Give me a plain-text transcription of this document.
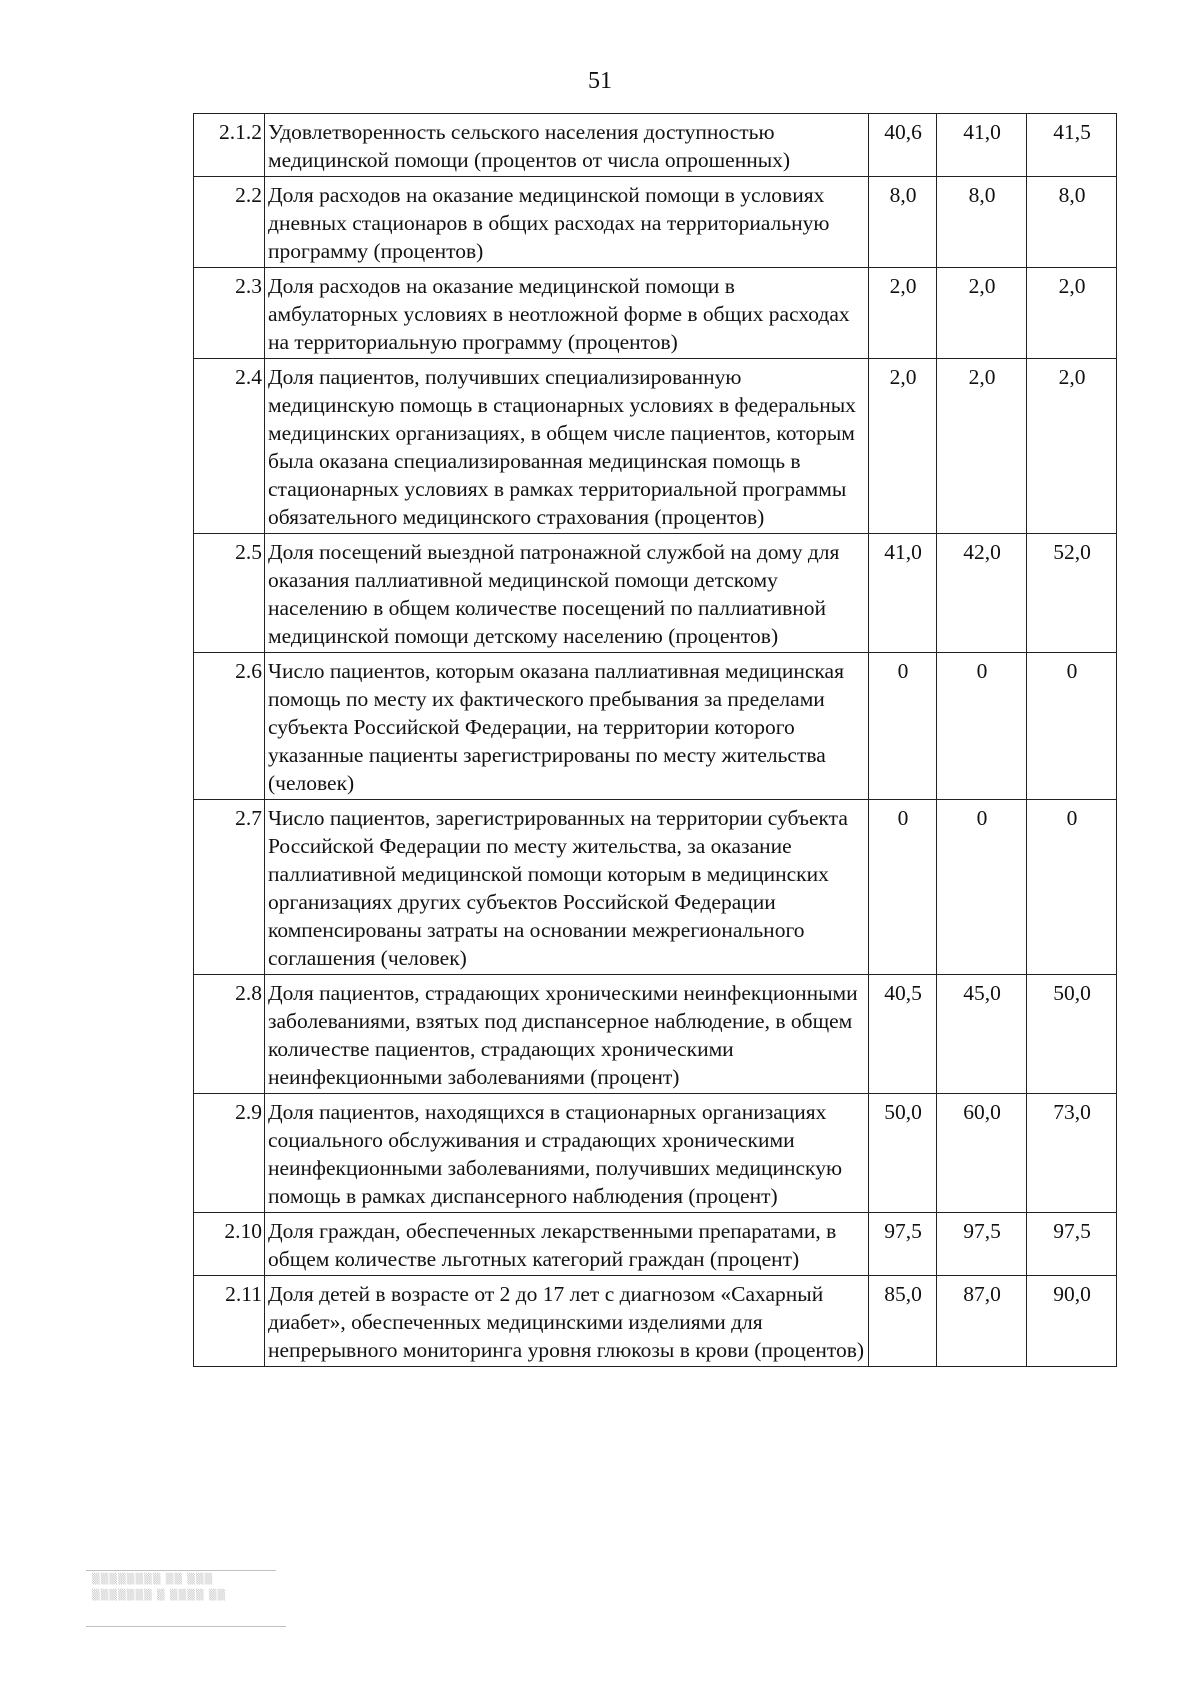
51
2.1.2	Удовлетворенность сельского населения доступностью медицинской помощи (процентов от числа опрошенных)	40,6	41,0	41,5
2.2	Доля расходов на оказание медицинской помощи в условиях дневных стационаров в общих расходах на территориальную программу (процентов)	8,0	8,0	8,0
2.3	Доля расходов на оказание медицинской помощи в амбулаторных условиях в неотложной форме в общих расходах на территориальную программу (процентов)	2,0	2,0	2,0
2.4	Доля пациентов, получивших специализированную медицинскую помощь в стационарных условиях в федеральных медицинских организациях, в общем числе пациентов, которым была оказана специализированная медицинская помощь в стационарных условиях в рамках территориальной программы обязательного медицинского страхования (процентов)	2,0	2,0	2,0
2.5	Доля посещений выездной патронажной службой на дому для оказания паллиативной медицинской помощи детскому населению в общем количестве посещений по паллиативной медицинской помощи детскому населению (процентов)	41,0	42,0	52,0
2.6	Число пациентов, которым оказана паллиативная медицинская помощь по месту их фактического пребывания за пределами субъекта Российской Федерации, на территории которого указанные пациенты зарегистрированы по месту жительства (человек)	0	0	0
2.7	Число пациентов, зарегистрированных на территории субъекта Российской Федерации по месту жительства, за оказание паллиативной медицинской помощи которым в медицинских организациях других субъектов Российской Федерации компенсированы затраты на основании межрегионального соглашения (человек)	0	0	0
2.8	Доля пациентов, страдающих хроническими неинфекционными заболеваниями, взятых под диспансерное наблюдение, в общем количестве пациентов, страдающих хроническими неинфекционными заболеваниями (процент)	40,5	45,0	50,0
2.9	Доля пациентов, находящихся в стационарных организациях социального обслуживания и страдающих хроническими неинфекционными заболеваниями, получивших медицинскую помощь в рамках диспансерного наблюдения (процент)	50,0	60,0	73,0
2.10	Доля граждан, обеспеченных лекарственными препаратами, в общем количестве льготных категорий граждан (процент)	97,5	97,5	97,5
2.11	Доля детей в возрасте от 2 до 17 лет с диагнозом «Сахарный диабет», обеспеченных медицинскими изделиями для непрерывного мониторинга уровня глюкозы в крови (процентов)	85,0	87,0	90,0
▒▒▒▒▒▒▒▒ ▒▒ ▒▒▒
▒▒▒▒▒▒▒ ▒ ▒▒▒▒ ▒▒
